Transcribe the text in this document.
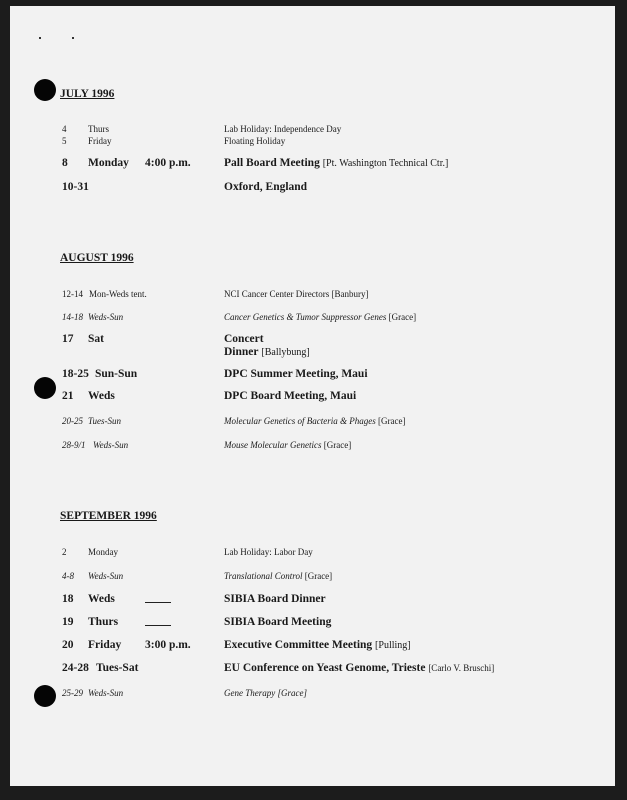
JULY 1996
4 Thurs	Lab Holiday: Independence Day
5 Friday	Floating Holiday
8 Monday 4:00 p.m.	Pall Board Meeting [Pt. Washington Technical Ctr.]
10-31	Oxford, England
AUGUST 1996
12-14 Mon-Weds tent.	NCI Cancer Center Directors [Banbury]
14-18 Weds-Sun	Cancer Genetics & Tumor Suppressor Genes [Grace]
17 Sat	Concert
Dinner [Ballybung]
18-25 Sun-Sun	DPC Summer Meeting, Maui
21 Weds	DPC Board Meeting, Maui
20-25 Tues-Sun	Molecular Genetics of Bacteria & Phages [Grace]
28-9/1 Weds-Sun	Mouse Molecular Genetics [Grace]
SEPTEMBER 1996
2 Monday	Lab Holiday: Labor Day
4-8 Weds-Sun	Translational Control [Grace]
18 Weds	SIBIA Board Dinner
19 Thurs	SIBIA Board Meeting
20 Friday 3:00 p.m.	Executive Committee Meeting [Pulling]
24-28 Tues-Sat	EU Conference on Yeast Genome, Trieste [Carlo V. Bruschi]
25-29 Weds-Sun	Gene Therapy [Grace]
